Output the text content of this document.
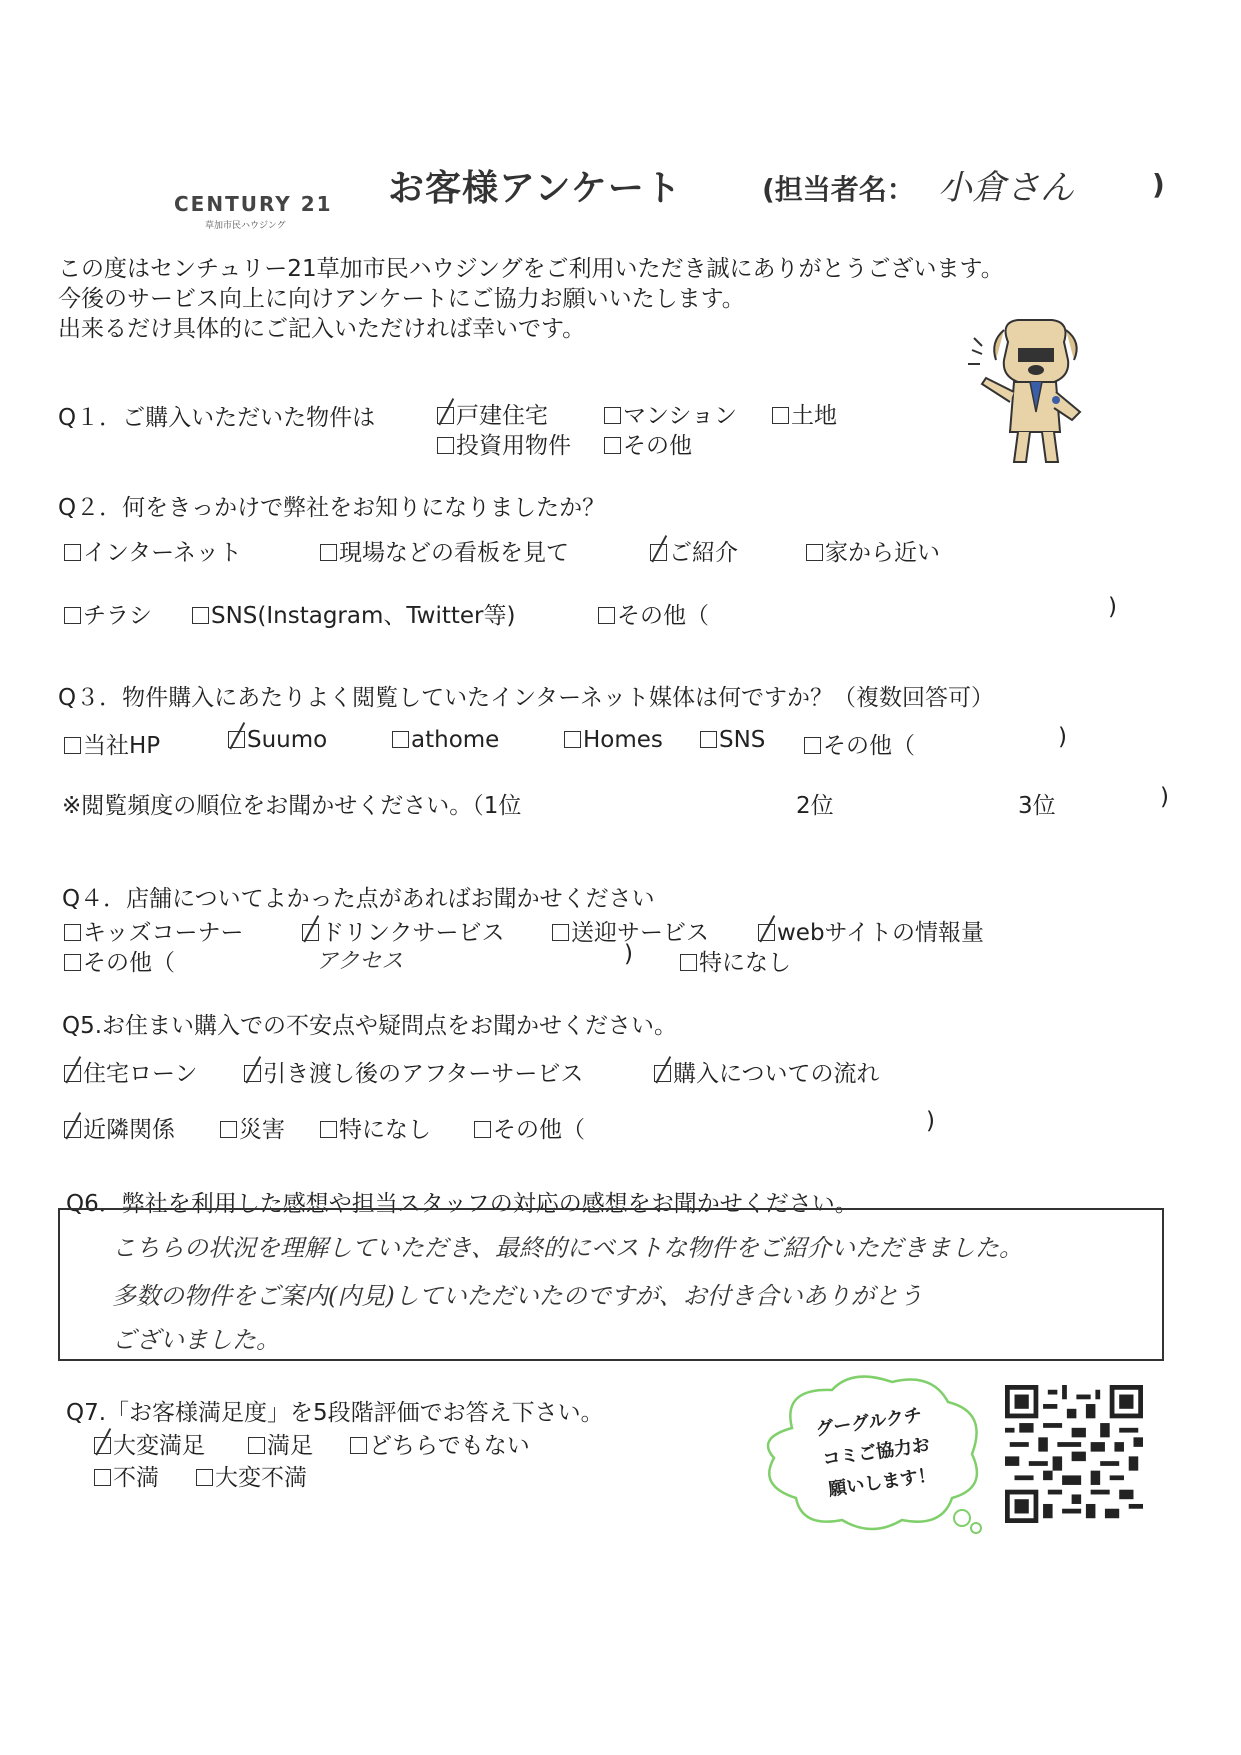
CENTURY 21
草加市民ハウジング
お客様アンケート	(担当者名： 小倉さん	)
この度はセンチュリー21草加市民ハウジングをご利用いただき誠にありがとうございます。
今後のサービス向上に向けアンケートにご協力お願いいたします。
出来るだけ具体的にご記入いただければ幸いです。
Q１．ご購入いただいた物件は	戸建住宅	マンション	土地
投資用物件	その他
Q２．何をきっかけで弊社をお知りになりましたか？
インターネット	現場などの看板を見て	ご紹介	家から近い
チラシ	SNS(Instagram、Twitter等)	その他（	)
Q３．物件購入にあたりよく閲覧していたインターネット媒体は何ですか？（複数回答可）
当社HP	Suumo	athome	Homes	SNS	その他（	)
※閲覧頻度の順位をお聞かせください。（1位	2位	3位	)
Q４．店舗についてよかった点があればお聞かせください
キッズコーナー	ドリンクサービス	送迎サービス	webサイトの情報量
その他（	アクセス	)	特になし
Q5.お住まい購入での不安点や疑問点をお聞かせください。
住宅ローン	引き渡し後のアフターサービス	購入についての流れ
近隣関係	災害	特になし	その他（	)
Q6．弊社を利用した感想や担当スタッフの対応の感想をお聞かせください。
こちらの状況を理解していただき、最終的にベストな物件をご紹介いただきました。
多数の物件をご案内(内見)していただいたのですが、お付き合いありがとう
ございました。
Q7.「お客様満足度」を5段階評価でお答え下さい。
大変満足	満足	どちらでもない
不満	大変不満
グーグルクチ
コミご協力お
願いします！
